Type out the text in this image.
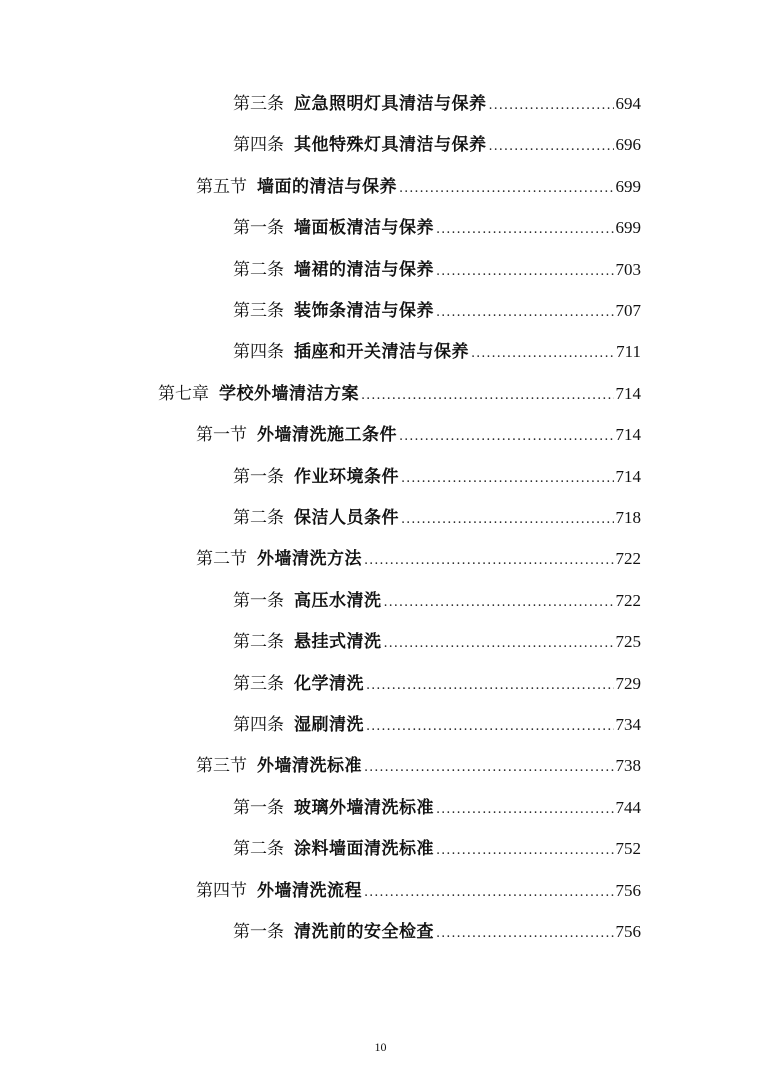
第三条 应急照明灯具清洁与保养 .....	694
第四条 其他特殊灯具清洁与保养 .....	696
第五节 墙面的清洁与保养 .....	699
第一条 墙面板清洁与保养 .....	699
第二条 墙裙的清洁与保养 .....	703
第三条 装饰条清洁与保养 .....	707
第四条 插座和开关清洁与保养 .....	711
第七章 学校外墙清洁方案 .....	714
第一节 外墙清洗施工条件 .....	714
第一条 作业环境条件 .....	714
第二条 保洁人员条件 .....	718
第二节 外墙清洗方法 .....	722
第一条 高压水清洗 .....	722
第二条 悬挂式清洗 .....	725
第三条 化学清洗 .....	729
第四条 湿刷清洗 .....	734
第三节 外墙清洗标准 .....	738
第一条 玻璃外墙清洗标准 .....	744
第二条 涂料墙面清洗标准 .....	752
第四节 外墙清洗流程 .....	756
第一条 清洗前的安全检查 .....	756
10
